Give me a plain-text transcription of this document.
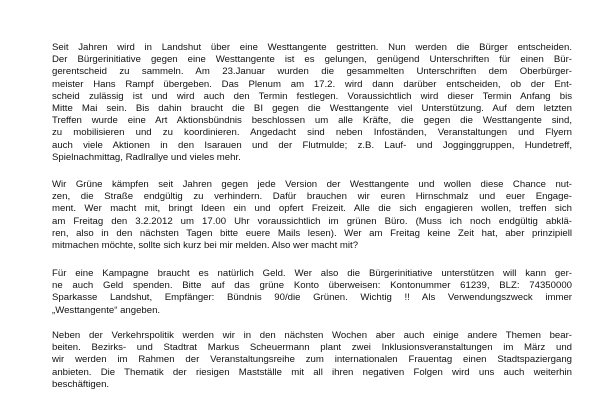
Seit Jahren wird in Landshut über eine Westtangente gestritten. Nun werden die Bürger entscheiden.
Der Bürgerinitiative gegen eine Westtangente ist es gelungen, genügend Unterschriften für einen Bür-
gerentscheid zu sammeln. Am 23.Januar wurden die gesammelten Unterschriften dem Oberbürger-
meister Hans Rampf übergeben. Das Plenum am 17.2. wird dann darüber entscheiden, ob der Ent-
scheid zulässig ist und wird auch den Termin festlegen. Voraussichtlich wird dieser Termin Anfang bis
Mitte Mai sein. Bis dahin braucht die BI gegen die Westtangente viel Unterstützung. Auf dem letzten
Treffen wurde eine Art Aktionsbündnis beschlossen um alle Kräfte, die gegen die Westtangente sind,
zu mobilisieren und zu koordinieren. Angedacht sind neben Infoständen, Veranstaltungen und Flyern
auch viele Aktionen in den Isarauen und der Flutmulde; z.B. Lauf- und Jogginggruppen, Hundetreff,
Spielnachmittag, Radlrallye und vieles mehr.
Wir Grüne kämpfen seit Jahren gegen jede Version der Westtangente und wollen diese Chance nut-
zen, die Straße endgültig zu verhindern. Dafür brauchen wir euren Hirnschmalz und euer Engage-
ment. Wer macht mit, bringt Ideen ein und opfert Freizeit. Alle die sich engagieren wollen, treffen sich
am Freitag den 3.2.2012 um 17.00 Uhr voraussichtlich im grünen Büro. (Muss ich noch endgültig abklä-
ren, also in den nächsten Tagen bitte euere Mails lesen). Wer am Freitag keine Zeit hat, aber prinzipiell
mitmachen möchte, sollte sich kurz bei mir melden. Also wer macht mit?
Für eine Kampagne braucht es natürlich Geld. Wer also die Bürgerinitiative unterstützen will kann ger-
ne auch Geld spenden. Bitte auf das grüne Konto überweisen: Kontonummer 61239, BLZ: 74350000
Sparkasse Landshut, Empfänger: Bündnis 90/die Grünen. Wichtig !! Als Verwendungszweck immer
„Westtangente“ angeben.
Neben der Verkehrspolitik werden wir in den nächsten Wochen aber auch einige andere Themen bear-
beiten. Bezirks- und Stadtrat Markus Scheuermann plant zwei Inklusionsveranstaltungen im März und
wir werden im Rahmen der Veranstaltungsreihe zum internationalen Frauentag einen Stadtspaziergang
anbieten. Die Thematik der riesigen Mastställe mit all ihren negativen Folgen wird uns auch weiterhin
beschäftigen.
